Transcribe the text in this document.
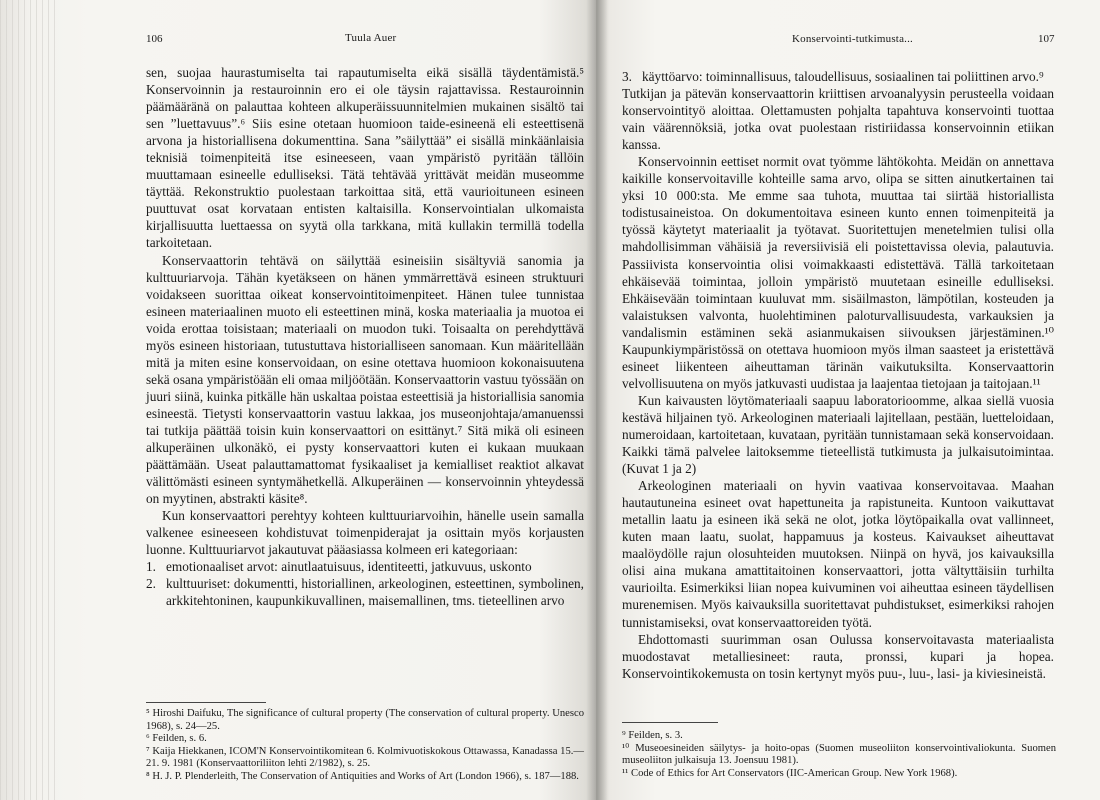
106	Tuula Auer

sen, suojaa haurastumiselta tai rapautumiselta eikä sisällä täydentämistä.⁵ Konservoinnin ja restauroinnin ero ei ole täysin rajattavissa. Restauroinnin päämääränä on palauttaa kohteen alkuperäissuunnitelmien mukainen sisältö tai sen ”luettavuus”.⁶ Siis esine otetaan huomioon taide-esineenä eli esteettisenä arvona ja historiallisena dokumenttina. Sana ”säilyttää” ei sisällä minkäänlaisia teknisiä toimenpiteitä itse esineeseen, vaan ympäristö pyritään tällöin muuttamaan esineelle edulliseksi. Tätä tehtävää yrittävät meidän museomme täyttää. Rekonstruktio puolestaan tarkoittaa sitä, että vaurioituneen esineen puuttuvat osat korvataan entisten kaltaisilla. Konservointialan ulkomaista kirjallisuutta luettaessa on syytä olla tarkkana, mitä kullakin termillä todella tarkoitetaan.

Konservaattorin tehtävä on säilyttää esineisiin sisältyviä sanomia ja kulttuuriarvoja. Tähän kyetäkseen on hänen ymmärrettävä esineen struktuuri voidakseen suorittaa oikeat konservointitoimenpiteet. Hänen tulee tunnistaa esineen materiaalinen muoto eli esteettinen minä, koska materiaalia ja muotoa ei voida erottaa toisistaan; materiaali on muodon tuki. Toisaalta on perehdyttävä myös esineen historiaan, tutustuttava historialliseen sanomaan. Kun määritellään mitä ja miten esine konservoidaan, on esine otettava huomioon kokonaisuutena sekä osana ympäristöään eli omaa miljöötään. Konservaattorin vastuu työssään on juuri siinä, kuinka pitkälle hän uskaltaa poistaa esteettisiä ja historiallisia sanomia esineestä. Tietysti konservaattorin vastuu lakkaa, jos museonjohtaja/amanuenssi tai tutkija päättää toisin kuin konservaattori on esittänyt.⁷ Sitä mikä oli esineen alkuperäinen ulkonäkö, ei pysty konservaattori kuten ei kukaan muukaan päättämään. Useat palauttamattomat fysikaaliset ja kemialliset reaktiot alkavat välittömästi esineen syntymähetkellä. Alkuperäinen — konservoinnin yhteydessä on myytinen, abstrakti käsite⁸.

Kun konservaattori perehtyy kohteen kulttuuriarvoihin, hänelle usein samalla valkenee esineeseen kohdistuvat toimenpiderajat ja osittain myös korjausten luonne. Kulttuuriarvot jakautuvat pääasiassa kolmeen eri kategoriaan:

1. emotionaaliset arvot: ainutlaatuisuus, identiteetti, jatkuvuus, uskonto
2. kulttuuriset: dokumentti, historiallinen, arkeologinen, esteettinen, symbolinen, arkkitehtoninen, kaupunkikuvallinen, maisemallinen, tms. tieteellinen arvo

⁵ Hiroshi Daifuku, The significance of cultural property (The conservation of cultural property. Unesco 1968), s. 24—25.

⁶ Feilden, s. 6.

⁷ Kaija Hiekkanen, ICOM'N Konservointikomitean 6. Kolmivuotiskokous Ottawassa, Kanadassa 15.—21. 9. 1981 (Konservaattoriliiton lehti 2/1982), s. 25.

⁸ H. J. P. Plenderleith, The Conservation of Antiquities and Works of Art (London 1966), s. 187—188.

Konservointi-tutkimusta...	107
3. käyttöarvo: toiminnallisuus, taloudellisuus, sosiaalinen tai poliittinen arvo.⁹

Tutkijan ja pätevän konservaattorin kriittisen arvoanalyysin perusteella voidaan konservointityö aloittaa. Olettamusten pohjalta tapahtuva konservointi tuottaa vain väärennöksiä, jotka ovat puolestaan ristiriidassa konservoinnin etiikan kanssa.

Konservoinnin eettiset normit ovat työmme lähtökohta. Meidän on annettava kaikille konservoitaville kohteille sama arvo, olipa se sitten ainutkertainen tai yksi 10 000:sta. Me emme saa tuhota, muuttaa tai siirtää historiallista todistusaineistoa. On dokumentoitava esineen kunto ennen toimenpiteitä ja työssä käytetyt materiaalit ja työtavat. Suoritettujen menetelmien tulisi olla mahdollisimman vähäisiä ja reversiivisiä eli poistettavissa olevia, palautuvia. Passiivista konservointia olisi voimakkaasti edistettävä. Tällä tarkoitetaan ehkäisevää toimintaa, jolloin ympäristö muutetaan esineille edulliseksi. Ehkäisevään toimintaan kuuluvat mm. sisäilmaston, lämpötilan, kosteuden ja valaistuksen valvonta, huolehtiminen paloturvallisuudesta, varkauksien ja vandalismin estäminen sekä asianmukaisen siivouksen järjestäminen.¹⁰ Kaupunkiympäristössä on otettava huomioon myös ilman saasteet ja eristettävä esineet liikenteen aiheuttaman tärinän vaikutuksilta. Konservaattorin velvollisuutena on myös jatkuvasti uudistaa ja laajentaa tietojaan ja taitojaan.¹¹

Kun kaivausten löytömateriaali saapuu laboratorioomme, alkaa siellä vuosia kestävä hiljainen työ. Arkeologinen materiaali lajitellaan, pestään, luetteloidaan, numeroidaan, kartoitetaan, kuvataan, pyritään tunnistamaan sekä konservoidaan. Kaikki tämä palvelee laitoksemme tieteellistä tutkimusta ja julkaisutoimintaa. (Kuvat 1 ja 2)

Arkeologinen materiaali on hyvin vaativaa konservoitavaa. Maahan hautautuneina esineet ovat hapettuneita ja rapistuneita. Kuntoon vaikuttavat metallin laatu ja esineen ikä sekä ne olot, jotka löytöpaikalla ovat vallinneet, kuten maan laatu, suolat, happamuus ja kosteus. Kaivaukset aiheuttavat maalöydölle rajun olosuhteiden muutoksen. Niinpä on hyvä, jos kaivauksilla olisi aina mukana amattitaitoinen konservaattori, jotta vältyttäisiin turhilta vaurioilta. Esimerkiksi liian nopea kuivuminen voi aiheuttaa esineen täydellisen murenemisen. Myös kaivauksilla suoritettavat puhdistukset, esimerkiksi rahojen tunnistamiseksi, ovat konservaattoreiden työtä.

Ehdottomasti suurimman osan Oulussa konservoitavasta materiaalista muodostavat metalliesineet: rauta, pronssi, kupari ja hopea. Konservointikokemusta on tosin kertynyt myös puu-, luu-, lasi- ja kiviesineistä.

⁹ Feilden, s. 3.

¹⁰ Museoesineiden säilytys- ja hoito-opas (Suomen museoliiton konservointivaliokunta. Suomen museoliiton julkaisuja 13. Joensuu 1981).

¹¹ Code of Ethics for Art Conservators (IIC-American Group. New York 1968).
